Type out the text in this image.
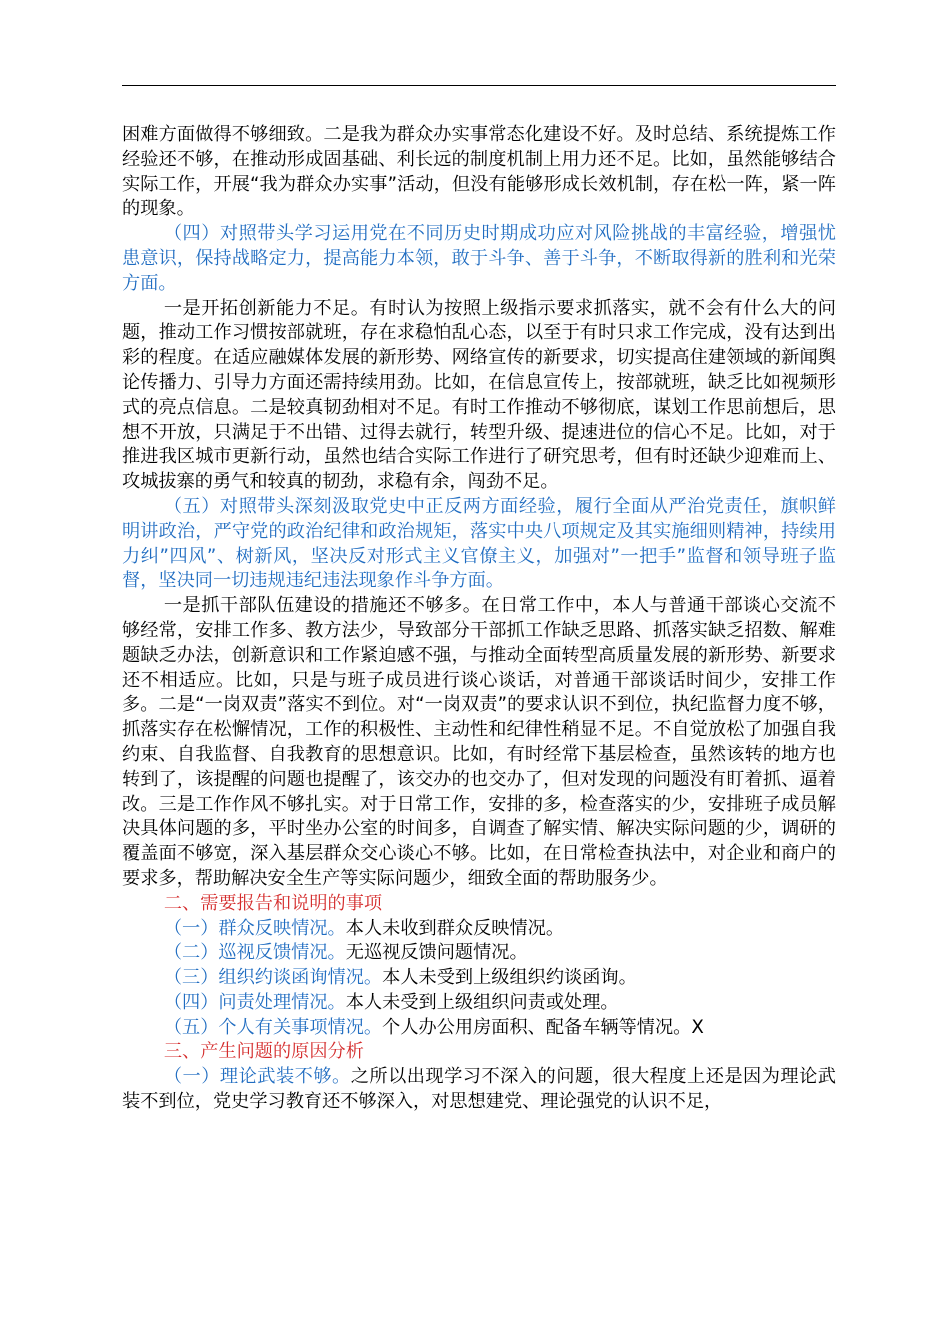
困难方面做得不够细致。二是我为群众办实事常态化建设不好。及时总结、系统提炼工作经验还不够，在推动形成固基础、利长远的制度机制上用力还不足。比如，虽然能够结合实际工作，开展“我为群众办实事”活动，但没有能够形成长效机制，存在松一阵，紧一阵的现象。

（四）对照带头学习运用党在不同历史时期成功应对风险挑战的丰富经验，增强忧患意识，保持战略定力，提高能力本领，敢于斗争、善于斗争，不断取得新的胜利和光荣方面。

一是开拓创新能力不足。有时认为按照上级指示要求抓落实，就不会有什么大的问题，推动工作习惯按部就班，存在求稳怕乱心态，以至于有时只求工作完成，没有达到出彩的程度。在适应融媒体发展的新形势、网络宣传的新要求，切实提高住建领域的新闻舆论传播力、引导力方面还需持续用劲。比如，在信息宣传上，按部就班，缺乏比如视频形式的亮点信息。二是较真韧劲相对不足。有时工作推动不够彻底，谋划工作思前想后，思想不开放，只满足于不出错、过得去就行，转型升级、提速进位的信心不足。比如，对于推进我区城市更新行动，虽然也结合实际工作进行了研究思考，但有时还缺少迎难而上、攻城拔寨的勇气和较真的韧劲，求稳有余，闯劲不足。

（五）对照带头深刻汲取党史中正反两方面经验，履行全面从严治党责任，旗帜鲜明讲政治，严守党的政治纪律和政治规矩，落实中央八项规定及其实施细则精神，持续用力纠”四风”、树新风，坚决反对形式主义官僚主义，加强对”一把手”监督和领导班子监督，坚决同一切违规违纪违法现象作斗争方面。

一是抓干部队伍建设的措施还不够多。在日常工作中，本人与普通干部谈心交流不够经常，安排工作多、教方法少，导致部分干部抓工作缺乏思路、抓落实缺乏招数、解难题缺乏办法，创新意识和工作紧迫感不强，与推动全面转型高质量发展的新形势、新要求还不相适应。比如，只是与班子成员进行谈心谈话，对普通干部谈话时间少，安排工作多。二是“一岗双责”落实不到位。对“一岗双责”的要求认识不到位，执纪监督力度不够，抓落实存在松懈情况，工作的积极性、主动性和纪律性稍显不足。不自觉放松了加强自我约束、自我监督、自我教育的思想意识。比如，有时经常下基层检查，虽然该转的地方也转到了，该提醒的问题也提醒了，该交办的也交办了，但对发现的问题没有盯着抓、逼着改。三是工作作风不够扎实。对于日常工作，安排的多，检查落实的少，安排班子成员解决具体问题的多，平时坐办公室的时间多，自调查了解实情、解决实际问题的少，调研的覆盖面不够宽，深入基层群众交心谈心不够。比如，在日常检查执法中，对企业和商户的要求多，帮助解决安全生产等实际问题少，细致全面的帮助服务少。

二、需要报告和说明的事项

（一）群众反映情况。本人未收到群众反映情况。

（二）巡视反馈情况。无巡视反馈问题情况。

（三）组织约谈函询情况。本人未受到上级组织约谈函询。

（四）问责处理情况。本人未受到上级组织问责或处理。

（五）个人有关事项情况。个人办公用房面积、配备车辆等情况。X

三、产生问题的原因分析

（一）理论武装不够。之所以出现学习不深入的问题，很大程度上还是因为理论武装不到位，党史学习教育还不够深入，对思想建党、理论强党的认识不足，
